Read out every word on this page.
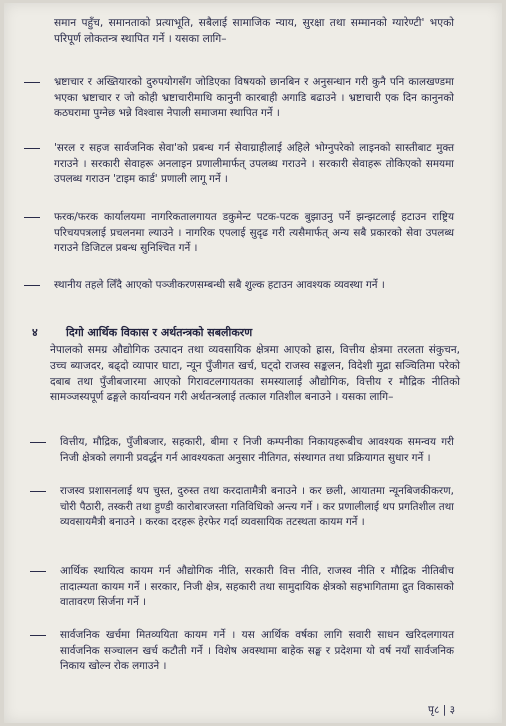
समान पहुँच, समानताको प्रत्याभूति, सबैलाई सामाजिक न्याय, सुरक्षा तथा सम्मानको ग्यारेण्टी' भएको परिपूर्ण लोकतन्त्र स्थापित गर्ने । यसका लागि–

भ्रष्टाचार र अख्तियारको दुरुपयोगसँग जोडिएका विषयको छानबिन र अनुसन्धान गरी कुनै पनि कालखण्डमा भएका भ्रष्टाचार र जो कोही भ्रष्टाचारीमाथि कानुनी कारबाही अगाडि बढाउने । भ्रष्टाचारी एक दिन कानुनको कठघरामा पुग्नेछ भन्ने विश्वास नेपाली समाजमा स्थापित गर्ने ।
'सरल र सहज सार्वजनिक सेवा'को प्रबन्ध गर्न सेवाग्राहीलाई अहिले भोग्नुपरेको लाइनको सास्तीबाट मुक्त गराउने । सरकारी सेवाहरू अनलाइन प्रणालीमार्फत् उपलब्ध गराउने । सरकारी सेवाहरू तोकिएको समयमा उपलब्ध गराउन 'टाइम कार्ड' प्रणाली लागू गर्ने ।
फरक/फरक कार्यालयमा नागरिकतालगायत डकुमेन्ट पटक-पटक बुझाउनु पर्ने झन्झटलाई हटाउन राष्ट्रिय परिचयपत्रलाई प्रचलनमा ल्याउने । नागरिक एपलाई सुदृढ गरी त्यसैमार्फत् अन्य सबै प्रकारको सेवा उपलब्ध गराउने डिजिटल प्रबन्ध सुनिश्चित गर्ने ।
स्थानीय तहले लिँदै आएको पञ्जीकरणसम्बन्धी सबै शुल्क हटाउन आवश्यक व्यवस्था गर्ने ।
४	दिगो आर्थिक विकास र अर्थतन्त्रको सबलीकरण

नेपालको समग्र औद्योगिक उत्पादन तथा व्यवसायिक क्षेत्रमा आएको ह्रास, वित्तीय क्षेत्रमा तरलता संकुचन, उच्च ब्याजदर, बढ्दो व्यापार घाटा, न्यून पुँजीगत खर्च, घट्दो राजस्व सङ्कलन, विदेशी मुद्रा सञ्चितिमा परेको दबाब तथा पुँजीबजारमा आएको गिरावटलगायतका समस्यालाई औद्योगिक, वित्तीय र मौद्रिक नीतिको सामञ्जस्यपूर्ण ढङ्गले कार्यान्वयन गरी अर्थतन्त्रलाई तत्काल गतिशील बनाउने । यसका लागि–

वित्तीय, मौद्रिक, पुँजीबजार, सहकारी, बीमा र निजी कम्पनीका निकायहरूबीच आवश्यक समन्वय गरी निजी क्षेत्रको लगानी प्रवर्द्धन गर्न आवश्यकता अनुसार नीतिगत, संस्थागत तथा प्रक्रियागत सुधार गर्ने ।
राजस्व प्रशासनलाई थप चुस्त, दुरुस्त तथा करदातामैत्री बनाउने । कर छली, आयातमा न्यूनबिजकीकरण, चोरी पैठारी, तस्करी तथा हुण्डी कारोबारजस्ता गतिविधिको अन्त्य गर्ने । कर प्रणालीलाई थप प्रगतिशील तथा व्यवसायमैत्री बनाउने । करका दरहरू हेरफेर गर्दा व्यवसायिक तटस्थता कायम गर्ने ।
आर्थिक स्थायित्व कायम गर्न औद्योगिक नीति, सरकारी वित्त नीति, राजस्व नीति र मौद्रिक नीतिबीच तादात्म्यता कायम गर्ने । सरकार, निजी क्षेत्र, सहकारी तथा सामुदायिक क्षेत्रको सहभागितामा द्रुत विकासको वातावरण सिर्जना गर्ने ।
सार्वजनिक खर्चमा मितव्ययिता कायम गर्ने । यस आर्थिक वर्षका लागि सवारी साधन खरिदलगायत सार्वजनिक सञ्चालन खर्च कटौती गर्ने । विशेष अवस्थामा बाहेक सङ्घ र प्रदेशमा यो वर्ष नयाँ सार्वजनिक निकाय खोल्न रोक लगाउने ।
पृ८ | ३
